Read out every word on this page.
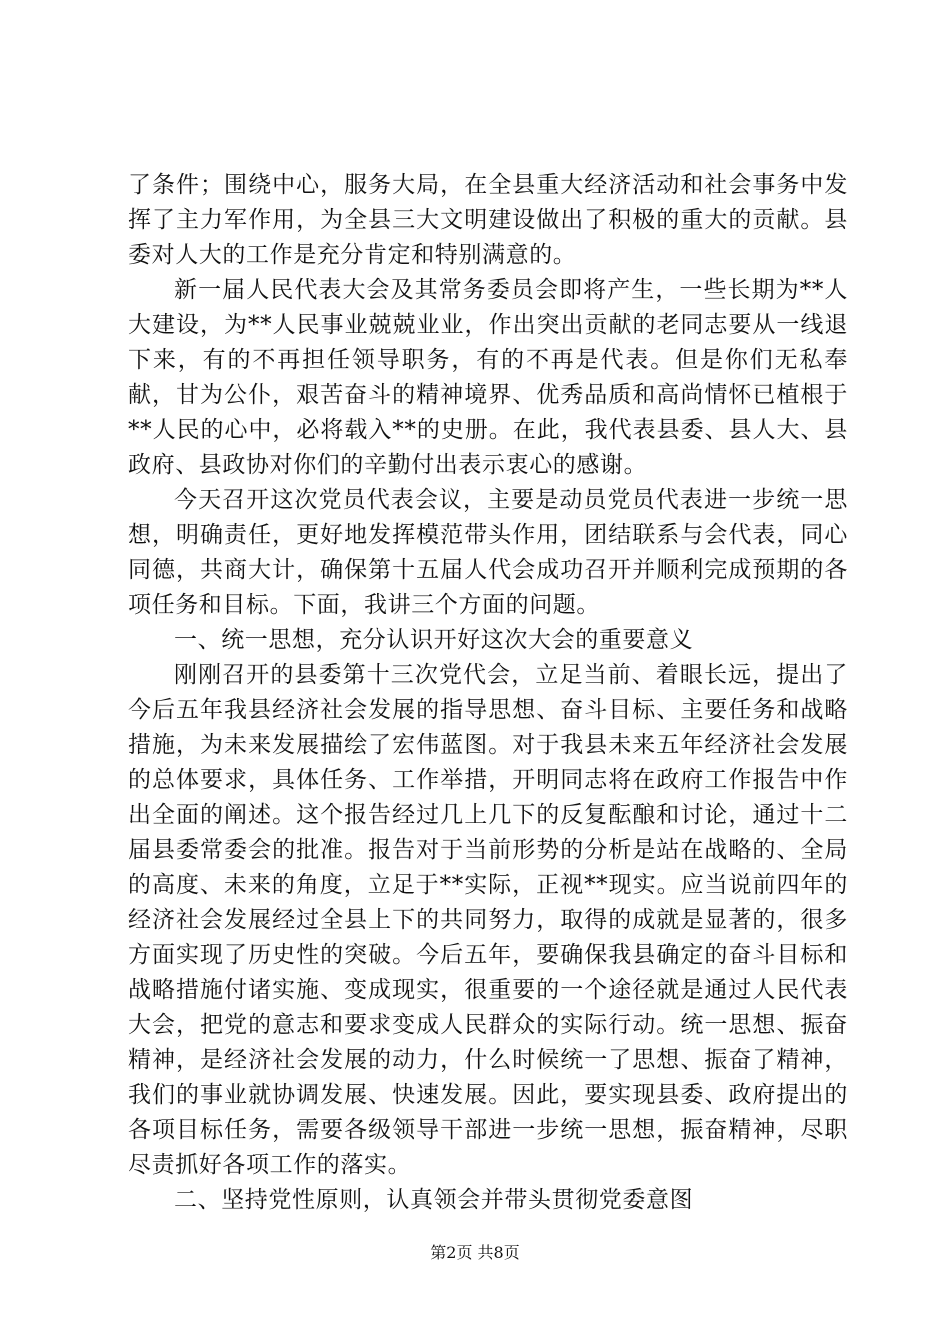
了条件；围绕中心，服务大局，在全县重大经济活动和社会事务中发挥了主力军作用，为全县三大文明建设做出了积极的重大的贡献。县委对人大的工作是充分肯定和特别满意的。

新一届人民代表大会及其常务委员会即将产生，一些长期为**人大建设，为**人民事业兢兢业业，作出突出贡献的老同志要从一线退下来，有的不再担任领导职务，有的不再是代表。但是你们无私奉献，甘为公仆，艰苦奋斗的精神境界、优秀品质和高尚情怀已植根于**人民的心中，必将载入**的史册。在此，我代表县委、县人大、县政府、县政协对你们的辛勤付出表示衷心的感谢。

今天召开这次党员代表会议，主要是动员党员代表进一步统一思想，明确责任，更好地发挥模范带头作用，团结联系与会代表，同心同德，共商大计，确保第十五届人代会成功召开并顺利完成预期的各项任务和目标。下面，我讲三个方面的问题。

一、统一思想，充分认识开好这次大会的重要意义

刚刚召开的县委第十三次党代会，立足当前、着眼长远，提出了今后五年我县经济社会发展的指导思想、奋斗目标、主要任务和战略措施，为未来发展描绘了宏伟蓝图。对于我县未来五年经济社会发展的总体要求，具体任务、工作举措，开明同志将在政府工作报告中作出全面的阐述。这个报告经过几上几下的反复酝酿和讨论，通过十二届县委常委会的批准。报告对于当前形势的分析是站在战略的、全局的高度、未来的角度，立足于**实际，正视**现实。应当说前四年的经济社会发展经过全县上下的共同努力，取得的成就是显著的，很多方面实现了历史性的突破。今后五年，要确保我县确定的奋斗目标和战略措施付诸实施、变成现实，很重要的一个途径就是通过人民代表大会，把党的意志和要求变成人民群众的实际行动。统一思想、振奋精神，是经济社会发展的动力，什么时候统一了思想、振奋了精神，我们的事业就协调发展、快速发展。因此，要实现县委、政府提出的各项目标任务，需要各级领导干部进一步统一思想，振奋精神，尽职尽责抓好各项工作的落实。

二、坚持党性原则，认真领会并带头贯彻党委意图

第2页 共8页
